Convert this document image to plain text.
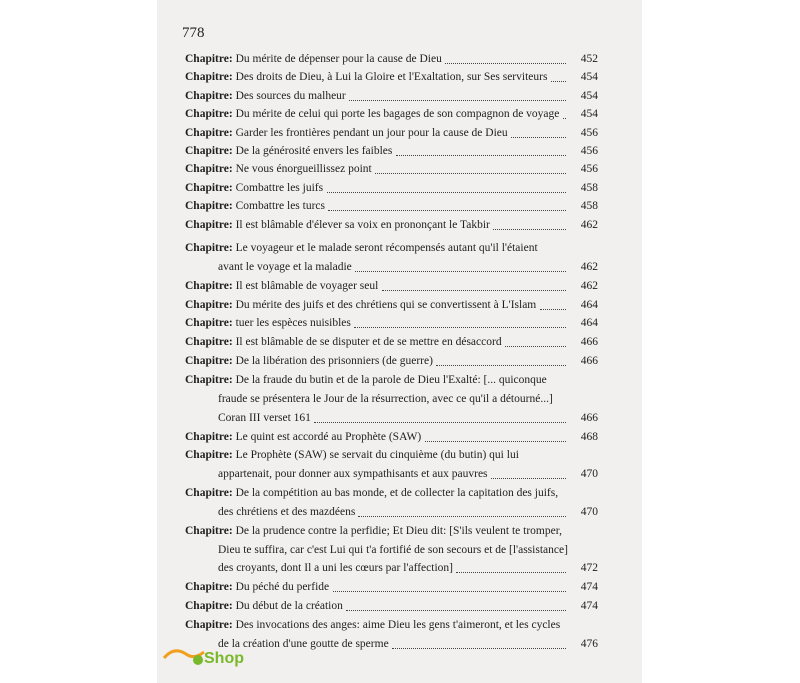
778
Chapitre: Du mérite de dépenser pour la cause de Dieu	452
Chapitre: Des droits de Dieu, à Lui la Gloire et l'Exaltation, sur Ses serviteurs	454
Chapitre: Des sources du malheur	454
Chapitre: Du mérite de celui qui porte les bagages de son compagnon de voyage	454
Chapitre: Garder les frontières pendant un jour pour la cause de Dieu	456
Chapitre: De la générosité envers les faibles	456
Chapitre: Ne vous énorgueillissez point	456
Chapitre: Combattre les juifs	458
Chapitre: Combattre les turcs	458
Chapitre: Il est blâmable d'élever sa voix en prononçant le Takbir	462
Chapitre: Le voyageur et le malade seront récompensés autant qu'il l'étaient
avant le voyage et la maladie	462
Chapitre: Il est blâmable de voyager seul	462
Chapitre: Du mérite des juifs et des chrétiens qui se convertissent à L'Islam	464
Chapitre: tuer les espèces nuisibles	464
Chapitre: Il est blâmable de se disputer et de se mettre en désaccord	466
Chapitre: De la libération des prisonniers (de guerre)	466
Chapitre: De la fraude du butin et de la parole de Dieu l'Exalté: [... quiconque
fraude se présentera le Jour de la résurrection, avec ce qu'il a détourné...]
Coran III verset 161	466
Chapitre: Le quint est accordé au Prophète (SAW)	468
Chapitre: Le Prophète (SAW) se servait du cinquième (du butin) qui lui
appartenait, pour donner aux sympathisants et aux pauvres	470
Chapitre: De la compétition au bas monde, et de collecter la capitation des juifs,
des chrétiens et des mazdéens	470
Chapitre: De la prudence contre la perfidie; Et Dieu dit: [S'ils veulent te tromper,
Dieu te suffira, car c'est Lui qui t'a fortifié de son secours et de [l'assistance]
des croyants, dont Il a uni les cœurs par l'affection]	472
Chapitre: Du péché du perfide	474
Chapitre: Du début de la création	474
Chapitre: Des invocations des anges: aime Dieu les gens t'aimeront, et les cycles
de la création d'une goutte de sperme	476
Shop
